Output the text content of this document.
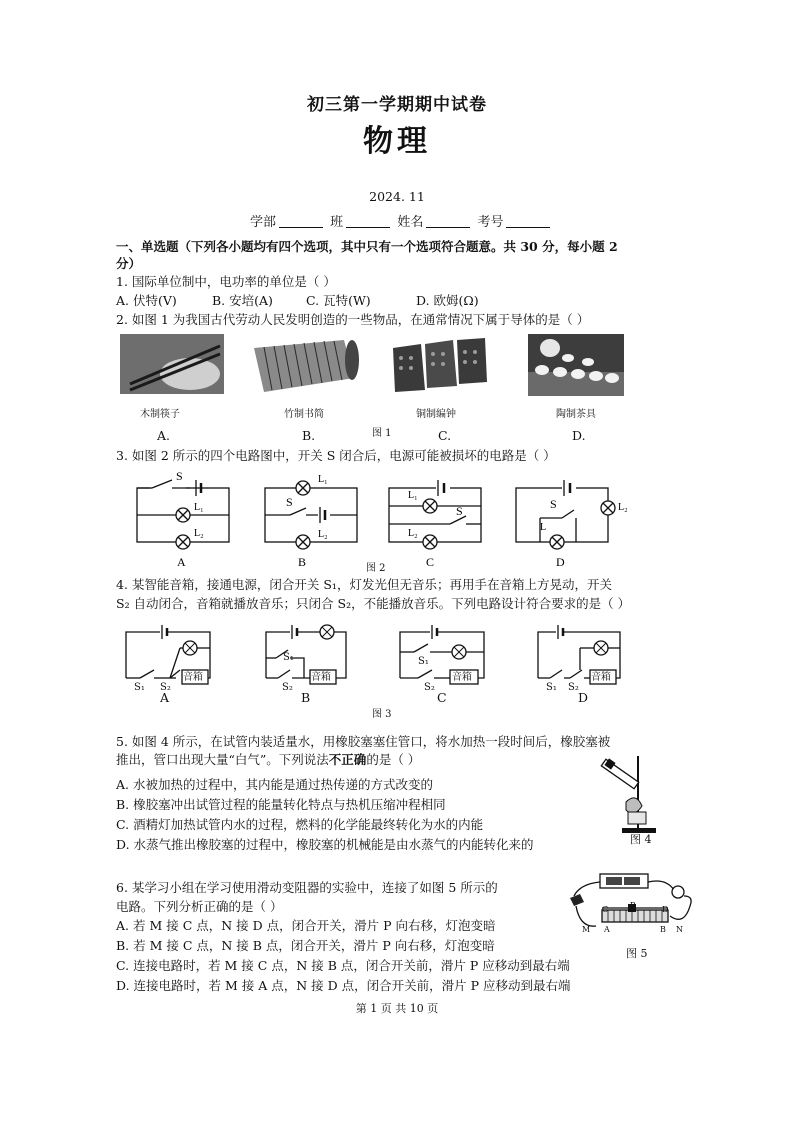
初三第一学期期中试卷
物理
2024. 11
学部	班	姓名	考号
一、单选题（下列各小题均有四个选项，其中只有一个选项符合题意。共 30 分，每小题 2
分）
1. 国际单位制中，电功率的单位是（ ）
A. 伏特(V)	B. 安培(A)	C. 瓦特(W)	D. 欧姆(Ω)
2. 如图 1 为我国古代劳动人民发明创造的一些物品，在通常情况下属于导体的是（ ）
木制筷子	竹制书简	铜制编钟	陶制茶具
A.	B.	图 1	C.	D.
3. 如图 2 所示的四个电路图中，开关 S 闭合后，电源可能被损坏的电路是（ ）
S
L₁
L₂
A
L₁
S
L₂
B
L₁
S
L₂
C
S
L
L₂
D
图 2
4. 某智能音箱，接通电源，闭合开关 S₁，灯发光但无音乐；再用手在音箱上方晃动，开关
S₂ 自动闭合，音箱就播放音乐；只闭合 S₂，不能播放音乐。下列电路设计符合要求的是（ ）
音箱	音箱	音箱	音箱
S₁ S₂
S₁
S₂
S₁
S₂	S₁ S₂
A	B	C	D
图 3
5. 如图 4 所示，在试管内装适量水，用橡胶塞塞住管口，将水加热一段时间后，橡胶塞被
推出，管口出现大量“白气”。下列说法不正确的是（ ）
A. 水被加热的过程中，其内能是通过热传递的方式改变的
B. 橡胶塞冲出试管过程的能量转化特点与热机压缩冲程相同
C. 酒精灯加热试管内水的过程，燃料的化学能最终转化为水的内能
D. 水蒸气推出橡胶塞的过程中，橡胶塞的机械能是由水蒸气的内能转化来的	图 4
6. 某学习小组在学习使用滑动变阻器的实验中，连接了如图 5 所示的
电路。下列分析正确的是（ ）
A. 若 M 接 C 点，N 接 D 点，闭合开关，滑片 P 向右移，灯泡变暗
B. 若 M 接 C 点，N 接 B 点，闭合开关，滑片 P 向右移，灯泡变暗
C. 连接电路时，若 M 接 C 点，N 接 B 点，闭合开关前，滑片 P 应移动到最右端
D. 连接电路时，若 M 接 A 点，N 接 D 点，闭合开关前，滑片 P 应移动到最右端
C	P	D
A	B
M	N
图 5
第 1 页 共 10 页
